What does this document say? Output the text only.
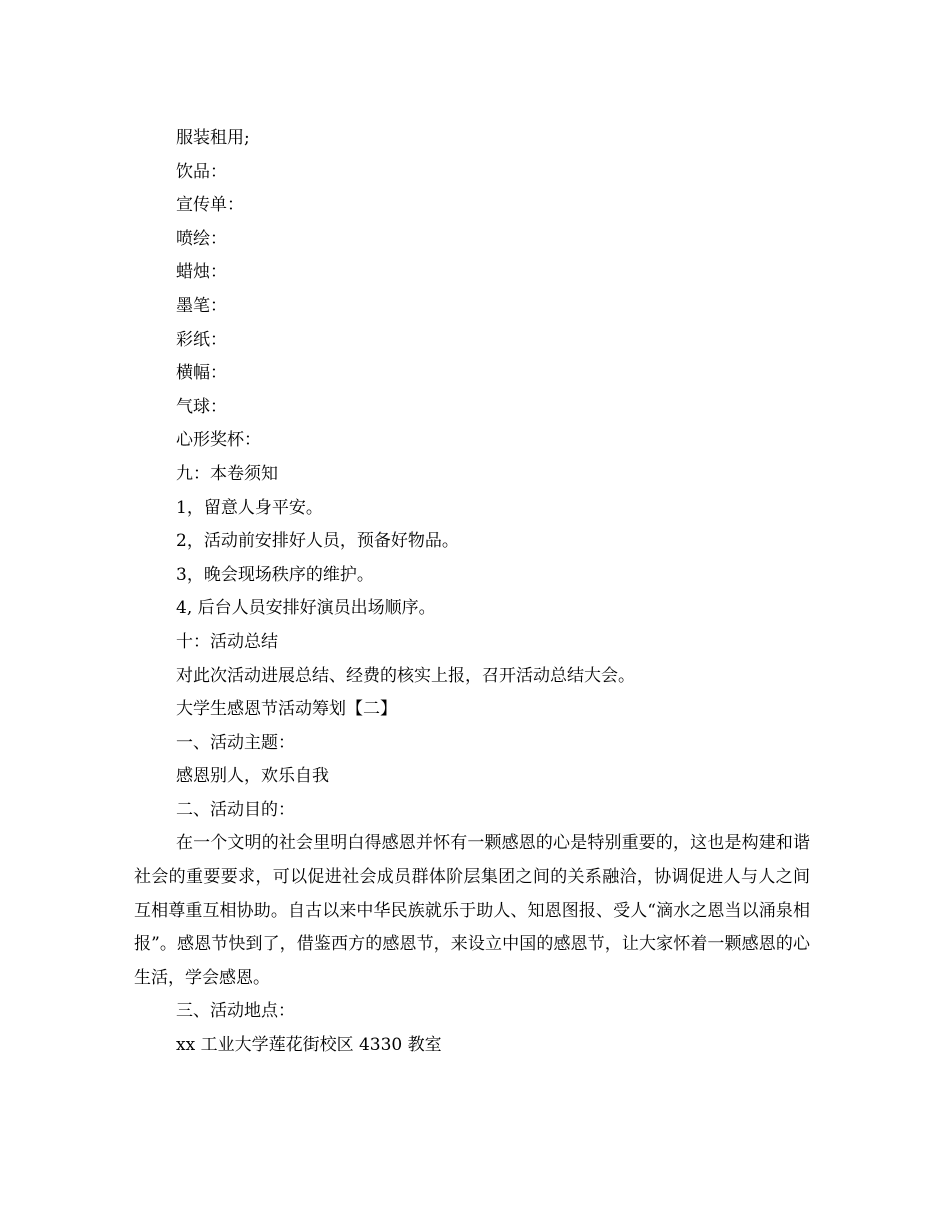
服装租用;
饮品：
宣传单：
喷绘：
蜡烛：
墨笔：
彩纸：
横幅：
气球：
心形奖杯：
九：本卷须知
1，留意人身平安。
2，活动前安排好人员，预备好物品。
3，晚会现场秩序的维护。
4, 后台人员安排好演员出场顺序。
十：活动总结
对此次活动进展总结、经费的核实上报，召开活动总结大会。
大学生感恩节活动筹划【二】
一、活动主题：
感恩别人，欢乐自我
二、活动目的：
在一个文明的社会里明白得感恩并怀有一颗感恩的心是特别重要的，这也是构建和谐社会的重要要求，可以促进社会成员群体阶层集团之间的关系融洽，协调促进人与人之间互相尊重互相协助。自古以来中华民族就乐于助人、知恩图报、受人“滴水之恩当以涌泉相报”。感恩节快到了，借鉴西方的感恩节，来设立中国的感恩节，让大家怀着一颗感恩的心生活，学会感恩。
三、活动地点：
xx 工业大学莲花街校区 4330 教室
